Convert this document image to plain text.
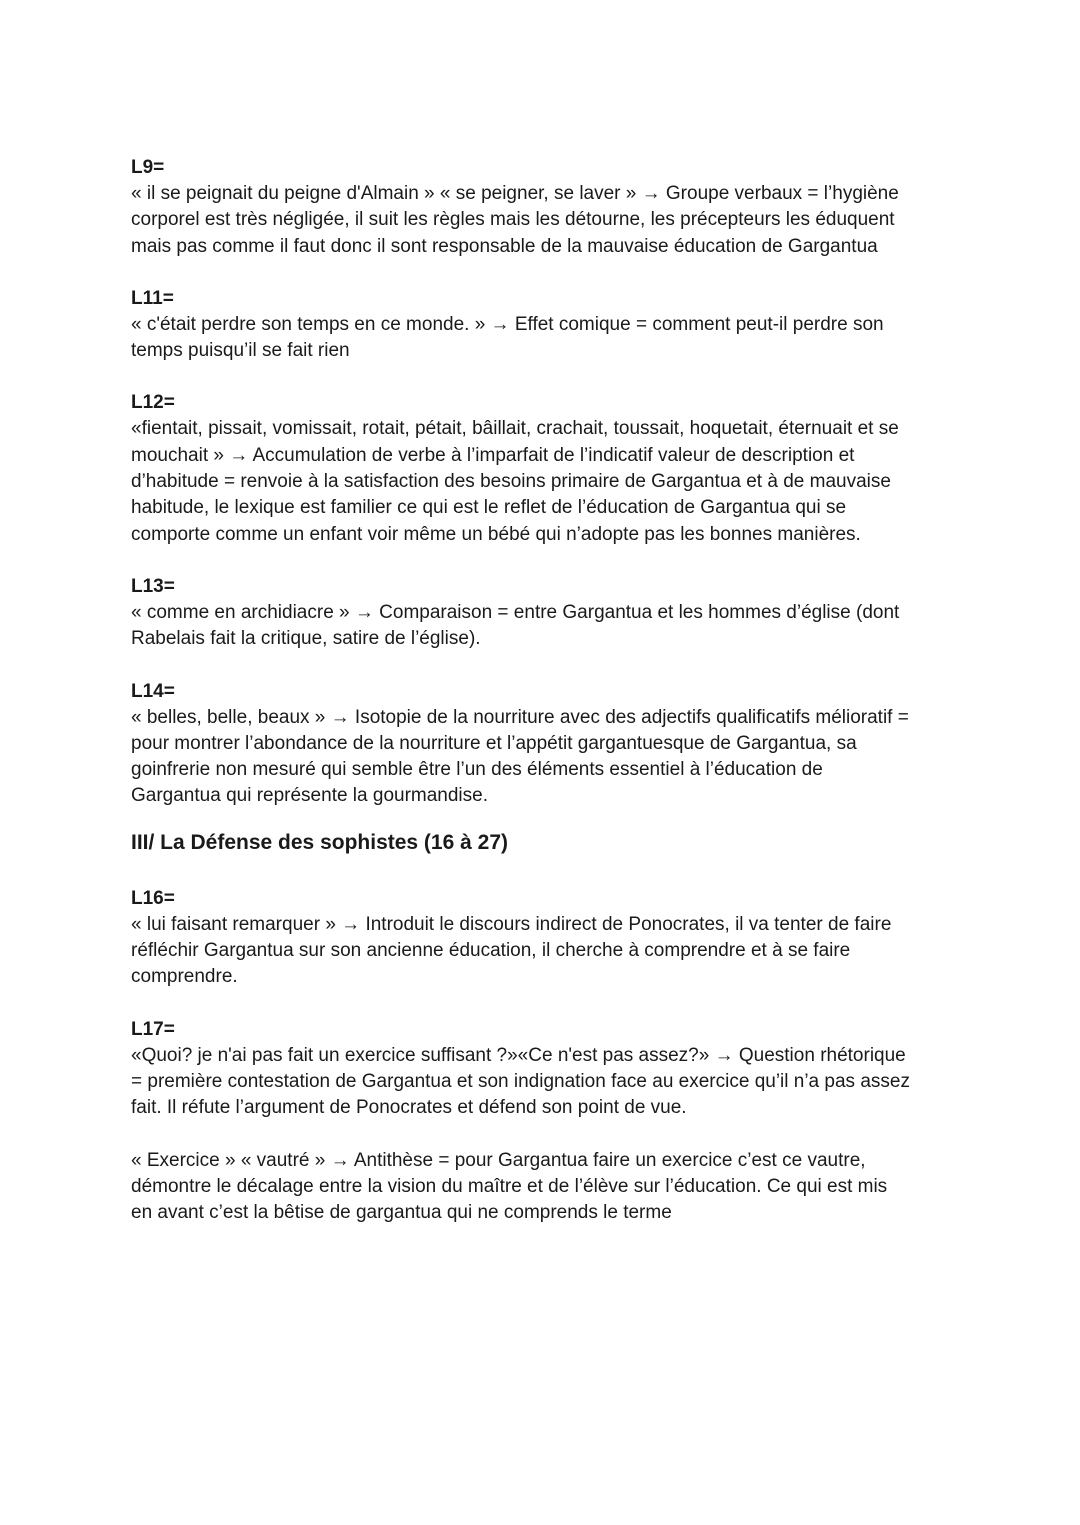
L9=

« il se peignait du peigne d'Almain » « se peigner, se laver » → Groupe verbaux = l’hygiène
corporel est très négligée, il suit les règles mais les détourne, les précepteurs les éduquent
mais pas comme il faut donc il sont responsable de la mauvaise éducation de Gargantua

L11=

« c'était perdre son temps en ce monde. » → Effet comique = comment peut-il perdre son
temps puisqu’il se fait rien

L12=

«fientait, pissait, vomissait, rotait, pétait, bâillait, crachait, toussait, hoquetait, éternuait et se
mouchait » → Accumulation de verbe à l’imparfait de l’indicatif valeur de description et
d’habitude = renvoie à la satisfaction des besoins primaire de Gargantua et à de mauvaise
habitude, le lexique est familier ce qui est le reflet de l’éducation de Gargantua qui se
comporte comme un enfant voir même un bébé qui n’adopte pas les bonnes manières.

L13=

« comme en archidiacre » → Comparaison = entre Gargantua et les hommes d’église (dont
Rabelais fait la critique, satire de l’église).

L14=

« belles, belle, beaux » → Isotopie de la nourriture avec des adjectifs qualificatifs mélioratif =
pour montrer l’abondance de la nourriture et l’appétit gargantuesque de Gargantua, sa
goinfrerie non mesuré qui semble être l’un des éléments essentiel à l’éducation de
Gargantua qui représente la gourmandise.

III/ La Défense des sophistes (16 à 27)

L16=

« lui faisant remarquer » → Introduit le discours indirect de Ponocrates, il va tenter de faire
réfléchir Gargantua sur son ancienne éducation, il cherche à comprendre et à se faire
comprendre.

L17=

«Quoi? je n'ai pas fait un exercice suffisant ?»«Ce n'est pas assez?» → Question rhétorique
= première contestation de Gargantua et son indignation face au exercice qu’il n’a pas assez
fait. Il réfute l’argument de Ponocrates et défend son point de vue.

« Exercice » « vautré » → Antithèse = pour Gargantua faire un exercice c’est ce vautre,
démontre le décalage entre la vision du maître et de l’élève sur l’éducation. Ce qui est mis
en avant c’est la bêtise de gargantua qui ne comprends le terme
